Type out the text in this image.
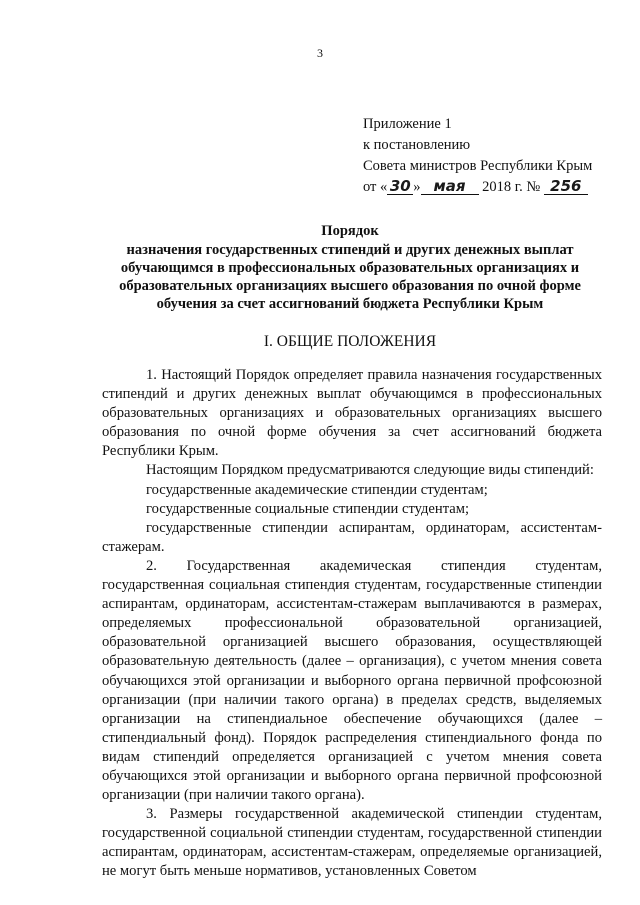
3
Приложение 1
к постановлению
Совета министров Республики Крым
от « 30 » мая 2018 г. № 256
Порядок
назначения государственных стипендий и других денежных выплат
обучающимся в профессиональных образовательных организациях и
образовательных организациях высшего образования по очной форме
обучения за счет ассигнований бюджета Республики Крым
I. ОБЩИЕ ПОЛОЖЕНИЯ

1. Настоящий Порядок определяет правила назначения государственных стипендий и других денежных выплат обучающимся в профессиональных образовательных организациях и образовательных организациях высшего образования по очной форме обучения за счет ассигнований бюджета Республики Крым.

Настоящим Порядком предусматриваются следующие виды стипендий:

государственные академические стипендии студентам;

государственные социальные стипендии студентам;

государственные стипендии аспирантам, ординаторам, ассистентам-стажерам.

2. Государственная академическая стипендия студентам, государственная социальная стипендия студентам, государственные стипендии аспирантам, ординаторам, ассистентам-стажерам выплачиваются в размерах, определяемых профессиональной образовательной организацией, образовательной организацией высшего образования, осуществляющей образовательную деятельность (далее – организация), с учетом мнения совета обучающихся этой организации и выборного органа первичной профсоюзной организации (при наличии такого органа) в пределах средств, выделяемых организации на стипендиальное обеспечение обучающихся (далее – стипендиальный фонд). Порядок распределения стипендиального фонда по видам стипендий определяется организацией с учетом мнения совета обучающихся этой организации и выборного органа первичной профсоюзной организации (при наличии такого органа).

3. Размеры государственной академической стипендии студентам, государственной социальной стипендии студентам, государственной стипендии аспирантам, ординаторам, ассистентам-стажерам, определяемые организацией, не могут быть меньше нормативов, установленных Советом
